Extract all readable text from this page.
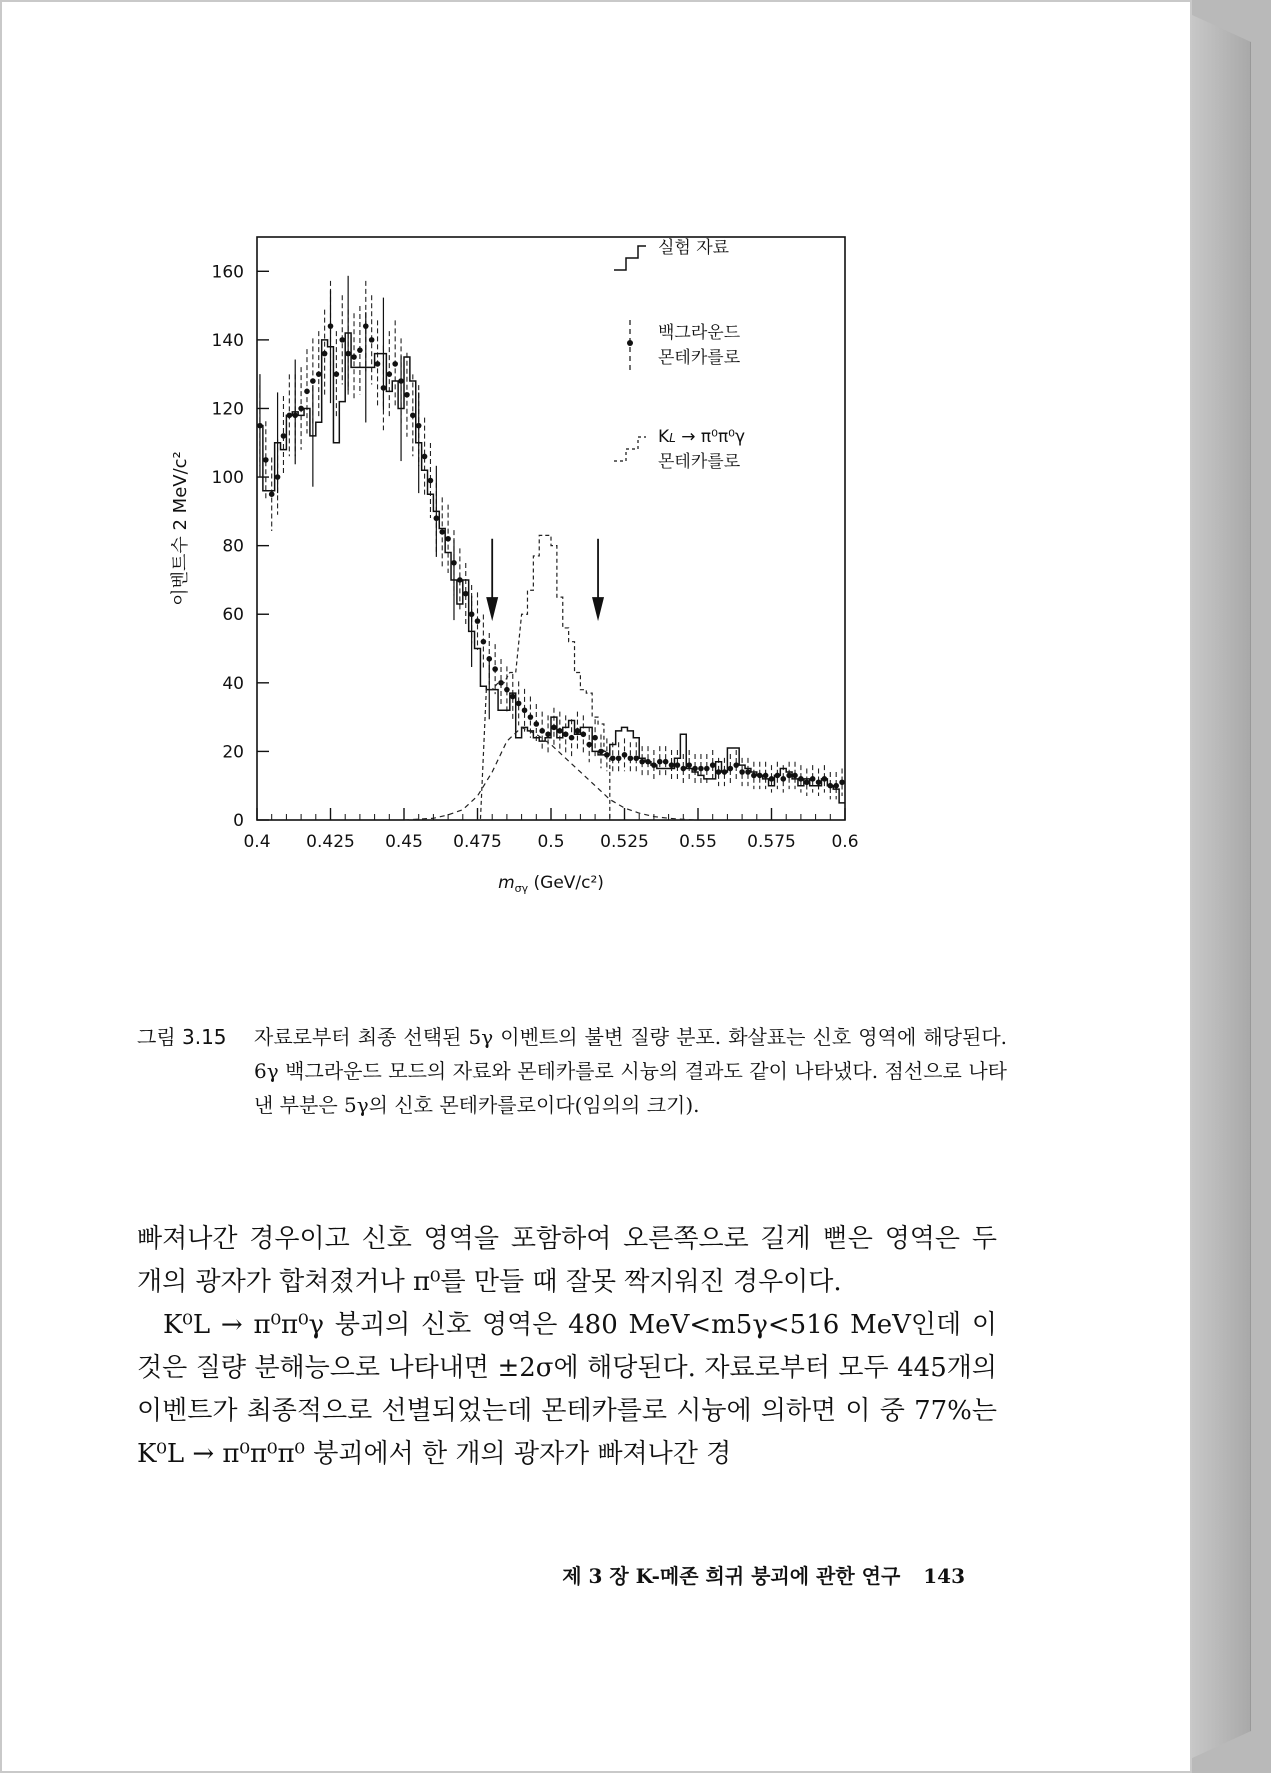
0.4 0.425 0.45 0.475 0.5 0.525 0.55 0.575 0.6
0
20
40
60
80
100
120
140
160
이벤트수 2 MeV/c²
$m_{\sigma\gamma}$ (GeV/c²)
실험 자료
백그라운드
몬테카를로
KL → π⁰π⁰γ
몬테카를로
그림 3.15	자료로부터 최종 선택된 5γ 이벤트의 불변 질량 분포. 화살표는 신호 영역에 해당된다. 6γ 백그라운드 모드의 자료와 몬테카를로 시늉의 결과도 같이 나타냈다. 점선으로 나타낸 부분은 5γ의 신호 몬테카를로이다(임의의 크기).

빠져나간 경우이고 신호 영역을 포함하여 오른쪽으로 길게 뻗은 영역은 두 개의 광자가 합쳐졌거나 π⁰를 만들 때 잘못 짝지워진 경우이다.

K⁰L → π⁰π⁰γ 붕괴의 신호 영역은 480 MeV<m5γ<516 MeV인데 이것은 질량 분해능으로 나타내면 ±2σ에 해당된다. 자료로부터 모두 445개의 이벤트가 최종적으로 선별되었는데 몬테카를로 시늉에 의하면 이 중 77%는 K⁰L → π⁰π⁰π⁰ 붕괴에서 한 개의 광자가 빠져나간 경

제 3 장 K-메존 희귀 붕괴에 관한 연구 143
